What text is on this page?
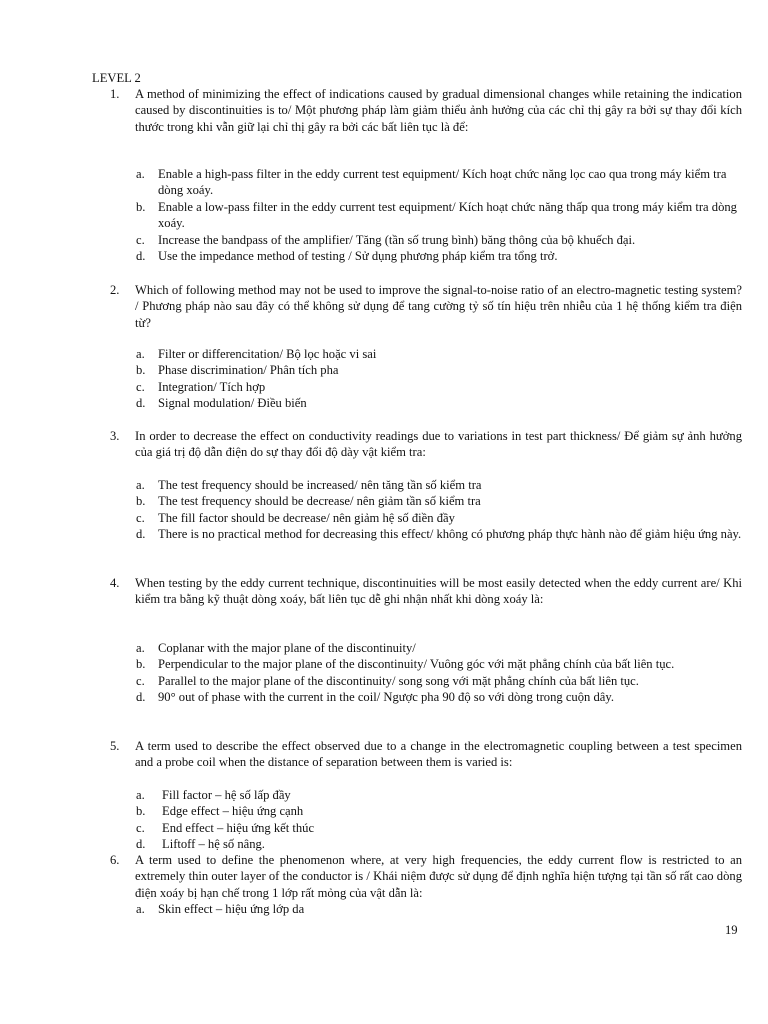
LEVEL 2
1. A method of minimizing the effect of indications caused by gradual dimensional changes while retaining the indication caused by discontinuities is to/ Một phương pháp làm giảm thiểu ảnh hưởng của các chỉ thị gây ra bởi sự thay đổi kích thước trong khi vẫn giữ lại chỉ thị gây ra bởi các bất liên tục là để:
a. Enable a high-pass filter in the eddy current test equipment/ Kích hoạt chức năng lọc cao qua trong máy kiểm tra dòng xoáy.
b. Enable a low-pass filter in the eddy current test equipment/ Kích hoạt chức năng thấp qua trong máy kiểm tra dòng xoáy.
c. Increase the bandpass of the amplifier/ Tăng (tần số trung bình) băng thông của bộ khuếch đại.
d. Use the impedance method of testing / Sử dụng phương pháp kiểm tra tổng trở.
2. Which of following method may not be used to improve the signal-to-noise ratio of an electro-magnetic testing system? / Phương pháp nào sau đây có thể không sử dụng để tang cường tỷ số tín hiệu trên nhiễu của 1 hệ thống kiểm tra điện từ?
a. Filter or differencitation/ Bộ lọc hoặc vi sai
b. Phase discrimination/ Phân tích pha
c. Integration/ Tích hợp
d. Signal modulation/ Điều biến
3. In order to decrease the effect on conductivity readings due to variations in test part thickness/ Để giảm sự ảnh hưởng của giá trị độ dẫn điện do sự thay đổi độ dày vật kiểm tra:
a. The test frequency should be increased/ nên tăng tần số kiểm tra
b. The test frequency should be decrease/ nên giảm tần số kiểm tra
c. The fill factor should be decrease/ nên giảm hệ số điền đầy
d. There is no practical method for decreasing this effect/ không có phương pháp thực hành nào để giảm hiệu ứng này.
4. When testing by the eddy current technique, discontinuities will be most easily detected when the eddy current are/ Khi kiểm tra bằng kỹ thuật dòng xoáy, bất liên tục dễ ghi nhận nhất khi dòng xoáy là:
a. Coplanar with the major plane of the discontinuity/
b. Perpendicular to the major plane of the discontinuity/ Vuông góc với mặt phẳng chính của bất liên tục.
c. Parallel to the major plane of the discontinuity/ song song với mặt phẳng chính của bất liên tục.
d. 90° out of phase with the current in the coil/ Ngược pha 90 độ so với dòng trong cuộn dây.
5. A term used to describe the effect observed due to a change in the electromagnetic coupling between a test specimen and a probe coil when the distance of separation between them is varied is:
a. Fill factor – hệ số lấp đầy
b. Edge effect – hiệu ứng cạnh
c. End effect – hiệu ứng kết thúc
d. Liftoff – hệ số nâng.
6. A term used to define the phenomenon where, at very high frequencies, the eddy current flow is restricted to an extremely thin outer layer of the conductor is / Khái niệm được sử dụng để định nghĩa hiện tượng tại tần số rất cao dòng điện xoáy bị hạn chế trong 1 lớp rất mỏng của vật dẫn là:
a. Skin effect – hiệu ứng lớp da
19
